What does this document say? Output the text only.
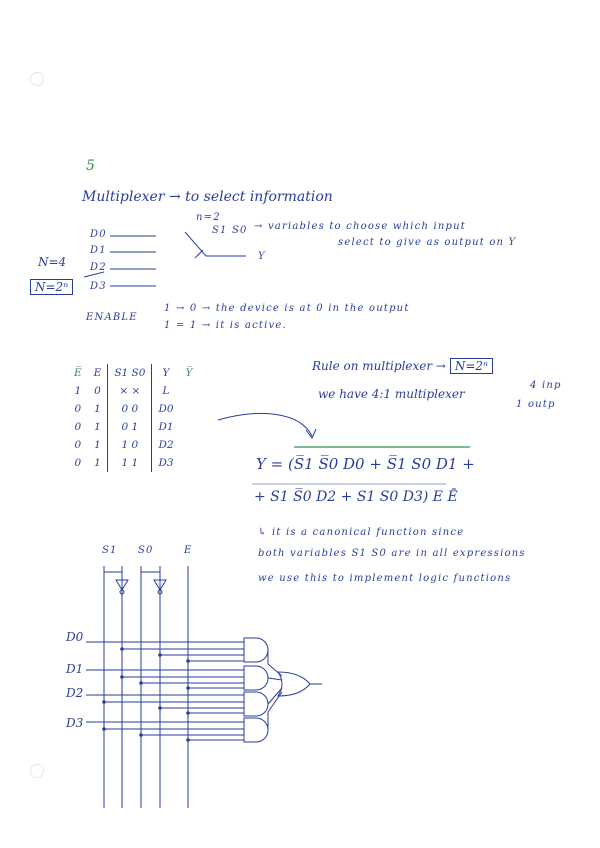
5
Multiplexer → to select information
D0
D1
D2
D3
n=2
S1 S0
Y
→ variables to choose which input
select to give as output on Y
N=4
N=2ⁿ
ENABLE
1 → 0 → the device is at 0 in the output
1 = 1 → it is active.
E̅	E	S1 S0	Y	Y̅
1	0	× ×	L	
0	1	0 0	D0	
0	1	0 1	D1	
0	1	1 0	D2	
0	1	1 1	D3	
Rule on multiplexer → N=2ⁿ
we have 4:1 multiplexer
4 inp
1 outp
Y = (S̅1 S̅0 D0 + S̅1 S0 D1 +
+ S1 S̅0 D2 + S1 S0 D3) E Ē
↳ it is a canonical function since
both variables S1 S0 are in all expressions
we use this to implement logic functions
S1 S0	E
D0
D1
D2
D3
